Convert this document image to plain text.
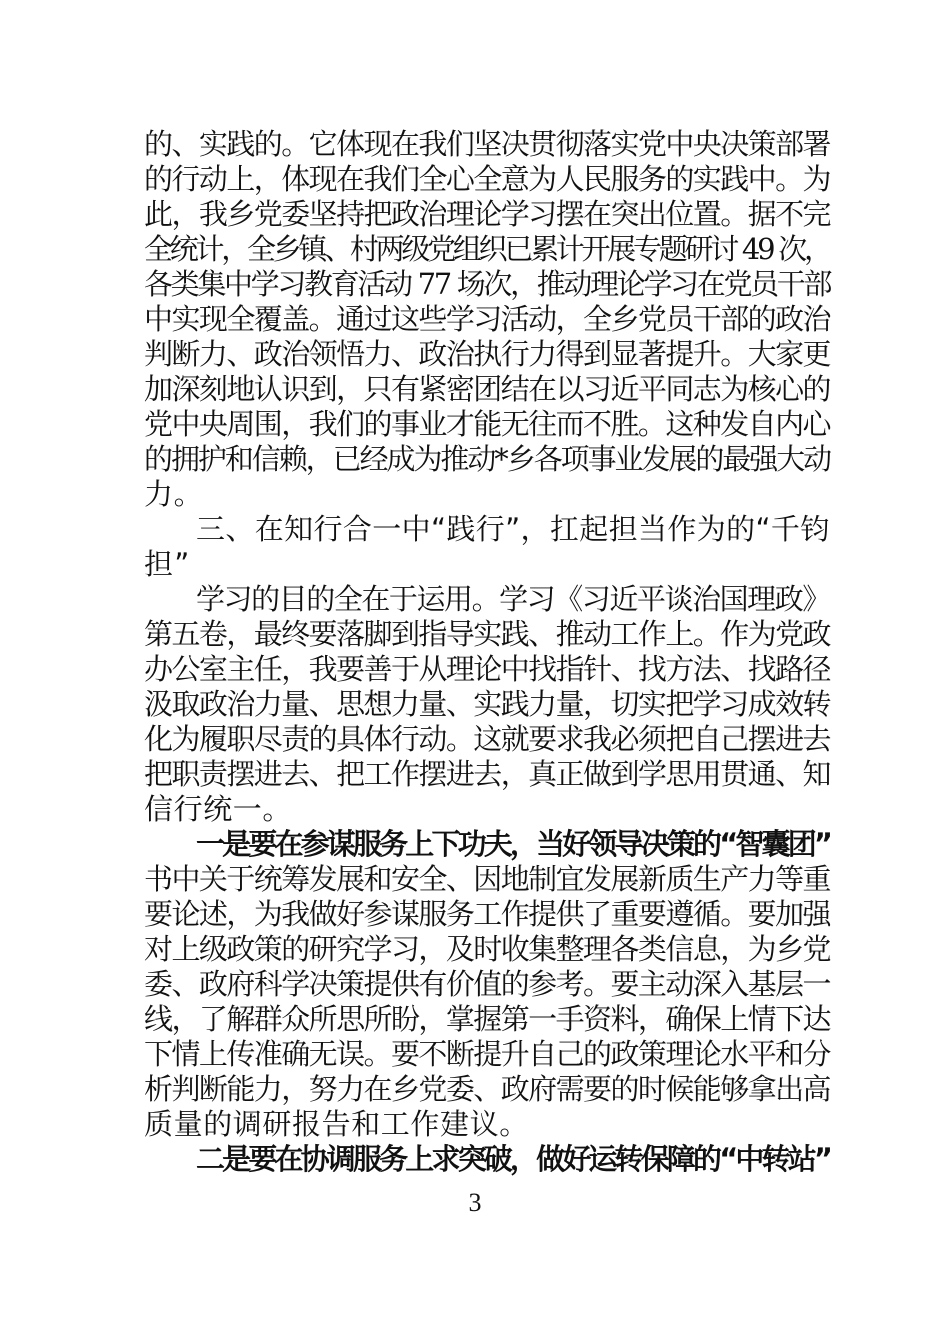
的、实践的。它体现在我们坚决贯彻落实党中央决策部署
的行动上，体现在我们全心全意为人民服务的实践中。为
此，我乡党委坚持把政治理论学习摆在突出位置。据不完
全统计，全乡镇、村两级党组织已累计开展专题研讨 49 次，
各类集中学习教育活动 77 场次，推动理论学习在党员干部
中实现全覆盖。通过这些学习活动，全乡党员干部的政治
判断力、政治领悟力、政治执行力得到显著提升。大家更
加深刻地认识到，只有紧密团结在以习近平同志为核心的
党中央周围，我们的事业才能无往而不胜。这种发自内心
的拥护和信赖，已经成为推动*乡各项事业发展的最强大动
力。
三、在知行合一中“践行”，扛起担当作为的“千钧
担”
学习的目的全在于运用。学习《习近平谈治国理政》
第五卷，最终要落脚到指导实践、推动工作上。作为党政
办公室主任，我要善于从理论中找指针、找方法、找路径
汲取政治力量、思想力量、实践力量，切实把学习成效转
化为履职尽责的具体行动。这就要求我必须把自己摆进去
把职责摆进去、把工作摆进去，真正做到学思用贯通、知
信行统一。
一是要在参谋服务上下功夫，当好领导决策的“智囊团”
书中关于统筹发展和安全、因地制宜发展新质生产力等重
要论述，为我做好参谋服务工作提供了重要遵循。要加强
对上级政策的研究学习，及时收集整理各类信息，为乡党
委、政府科学决策提供有价值的参考。要主动深入基层一
线，了解群众所思所盼，掌握第一手资料，确保上情下达
下情上传准确无误。要不断提升自己的政策理论水平和分
析判断能力，努力在乡党委、政府需要的时候能够拿出高
质量的调研报告和工作建议。
二是要在协调服务上求突破，做好运转保障的“中转站”
3
